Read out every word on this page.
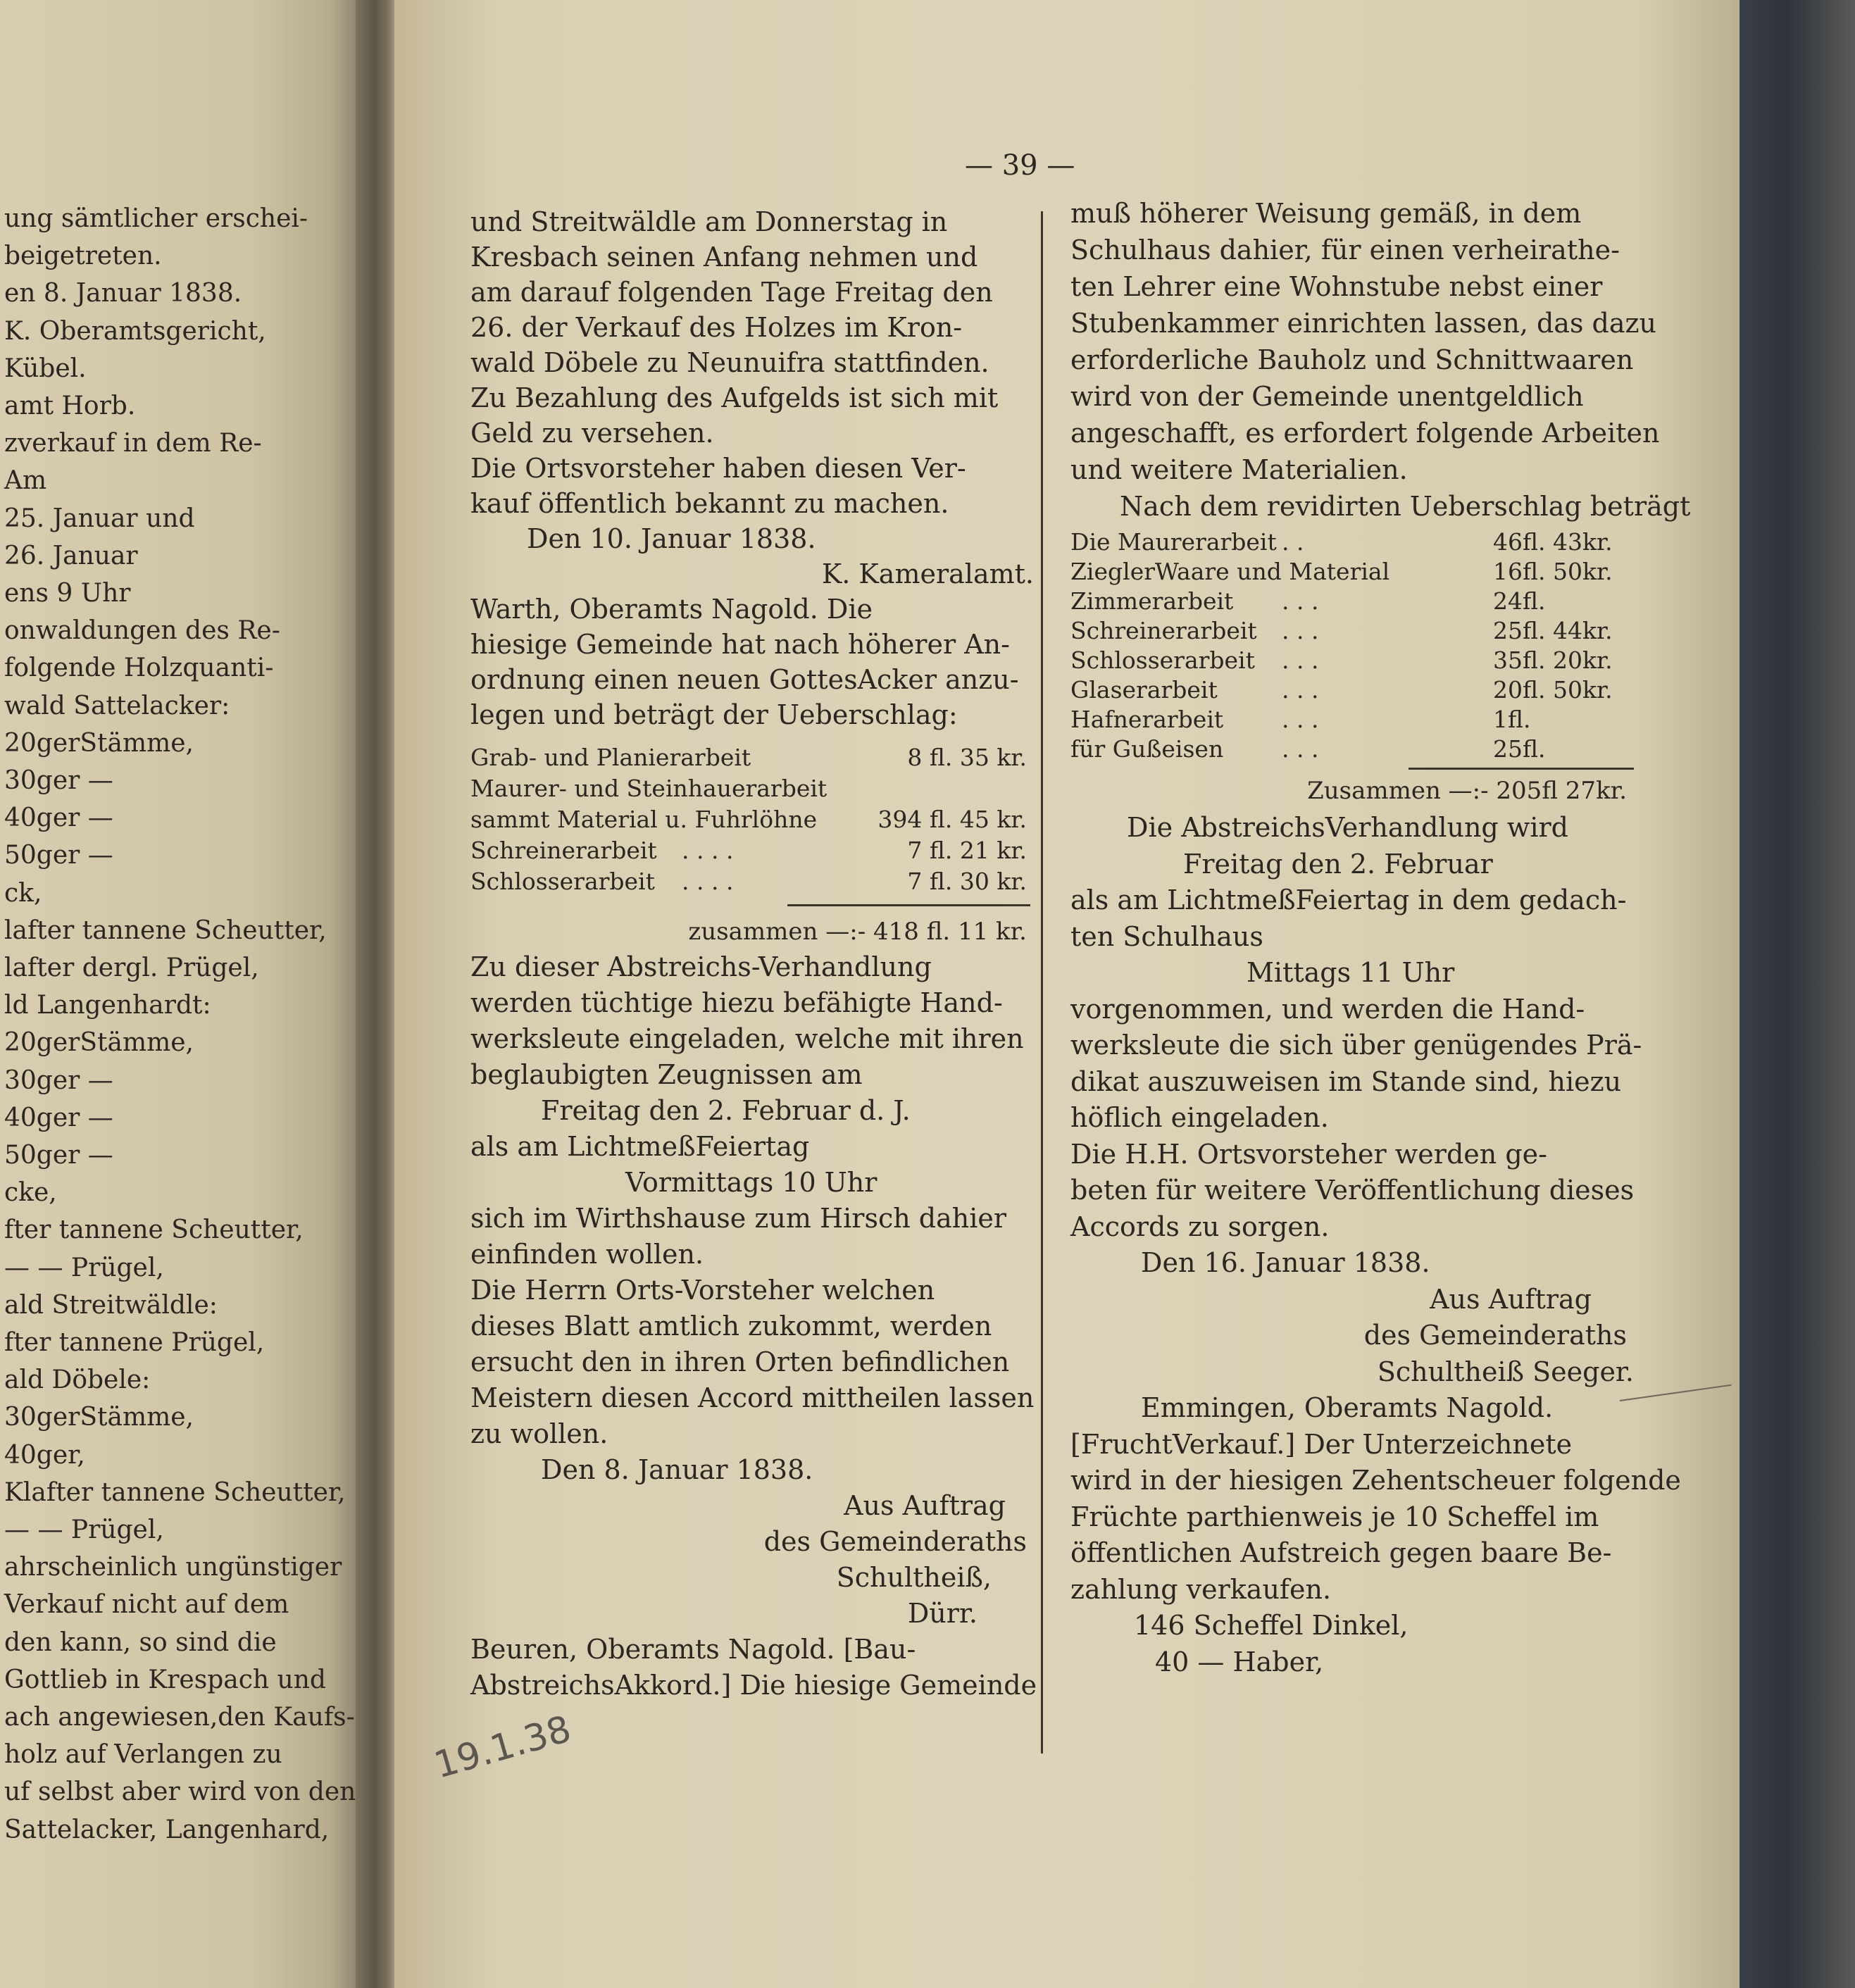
ung sämtlicher erschei-
beigetreten.
en 8. Januar 1838.
K. Oberamtsgericht,
Kübel.
amt Horb.
zverkauf in dem Re-
Am
25. Januar und
26. Januar
ens 9 Uhr
onwaldungen des Re-
folgende Holzquanti-
wald Sattelacker:
20gerStämme,
30ger —
40ger —
50ger —
ck,
lafter tannene Scheutter,
lafter dergl. Prügel,
ld Langenhardt:
20gerStämme,
30ger —
40ger —
50ger —
cke,
fter tannene Scheutter,
— — Prügel,
ald Streitwäldle:
fter tannene Prügel,
ald Döbele:
30gerStämme,
40ger,
Klafter tannene Scheutter,
— — Prügel,
ahrscheinlich ungünstiger
Verkauf nicht auf dem
den kann, so sind die
Gottlieb in Krespach und
ach angewiesen,den Kaufs-
holz auf Verlangen zu
uf selbst aber wird von den
Sattelacker, Langenhard,
— 39 —
und Streitwäldle am Donnerstag in
Kresbach seinen Anfang nehmen und
am darauf folgenden Tage Freitag den
26. der Verkauf des Holzes im Kron-
wald Döbele zu Neunuifra stattfinden.
Zu Bezahlung des Aufgelds ist sich mit
Geld zu versehen.
Die Ortsvorsteher haben diesen Ver-
kauf öffentlich bekannt zu machen.
Den 10. Januar 1838.
K. Kameralamt.
Warth, Oberamts Nagold. Die
hiesige Gemeinde hat nach höherer An-
ordnung einen neuen GottesAcker anzu-
legen und beträgt der Ueberschlag:
Grab- und Planierarbeit	8 fl. 35 kr.
Maurer- und Steinhauerarbeit
sammt Material u. Fuhrlöhne	394 fl. 45 kr.
Schreinerarbeit . . . .	7 fl. 21 kr.
Schlosserarbeit . . . .	7 fl. 30 kr.
zusammen —:- 418 fl. 11 kr.
Zu dieser Abstreichs-Verhandlung
werden tüchtige hiezu befähigte Hand-
werksleute eingeladen, welche mit ihren
beglaubigten Zeugnissen am
Freitag den 2. Februar d. J.
als am LichtmeßFeiertag
Vormittags 10 Uhr
sich im Wirthshause zum Hirsch dahier
einfinden wollen.
Die Herrn Orts-Vorsteher welchen
dieses Blatt amtlich zukommt, werden
ersucht den in ihren Orten befindlichen
Meistern diesen Accord mittheilen lassen
zu wollen.
Den 8. Januar 1838.
Aus Auftrag
des Gemeinderaths
Schultheiß,
Dürr.
Beuren, Oberamts Nagold. [Bau-
AbstreichsAkkord.] Die hiesige Gemeinde
muß höherer Weisung gemäß, in dem
Schulhaus dahier, für einen verheirathe-
ten Lehrer eine Wohnstube nebst einer
Stubenkammer einrichten lassen, das dazu
erforderliche Bauholz und Schnittwaaren
wird von der Gemeinde unentgeldlich
angeschafft, es erfordert folgende Arbeiten
und weitere Materialien.
Nach dem revidirten Ueberschlag beträgt
Die Maurerarbeit . .	46fl. 43kr.
ZieglerWaare und Material	16fl. 50kr.
Zimmerarbeit . . .	24fl.
Schreinerarbeit . . .	25fl. 44kr.
Schlosserarbeit . . .	35fl. 20kr.
Glaserarbeit	. . .	20fl. 50kr.
Hafnerarbeit	. . .	1fl.
für Gußeisen	. . .	25fl.
Zusammen —:- 205fl 27kr.
Die AbstreichsVerhandlung wird
Freitag den 2. Februar
als am LichtmeßFeiertag in dem gedach-
ten Schulhaus
Mittags 11 Uhr
vorgenommen, und werden die Hand-
werksleute die sich über genügendes Prä-
dikat auszuweisen im Stande sind, hiezu
höflich eingeladen.
Die H.H. Ortsvorsteher werden ge-
beten für weitere Veröffentlichung dieses
Accords zu sorgen.
Den 16. Januar 1838.
Aus Auftrag
des Gemeinderaths
Schultheiß Seeger.
Emmingen, Oberamts Nagold.
[FruchtVerkauf.] Der Unterzeichnete
wird in der hiesigen Zehentscheuer folgende
Früchte parthienweis je 10 Scheffel im
öffentlichen Aufstreich gegen baare Be-
zahlung verkaufen.
146 Scheffel Dinkel,
40 — Haber,
19.1.38
